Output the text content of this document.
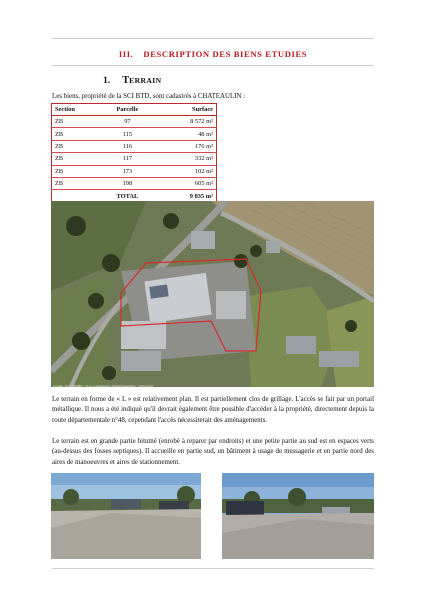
III. DESCRIPTION DES BIENS ETUDIES
1. TERRAIN
Les biens, propriété de la SCI BTD, sont cadastrés à CHATEAULIN :
Section	Parcelle	Surface
ZB	97	8 572 m²
ZB	115	48 m²
ZB	116	176 m²
ZB	117	332 m²
ZB	173	102 m²
ZB	198	605 m²
	TOTAL	9 835 m²
Crédits : IGN/MNHN, ©Les contributeurs d'OpenStreetMap, ©IGN 2018
Le terrain en forme de « L » est relativement plan. Il est partiellement clos de grillage. L'accès se fait par un portail métallique. Il nous a été indiqué qu'il devrait également être possible d'accéder à la propriété, directement depuis la route départementale n°48, cependant l'accès nécessiterait des aménagements.
Le terrain est en grande partie bitumé (enrobé à reparer par endroits) et une petite partie au sud est en espaces verts (au-dessus des fosses septiques). Il accueille en partie sud, un bâtiment à usage de messagerie et en partie nord des aires de manoeuvres et aires de stationnement.
